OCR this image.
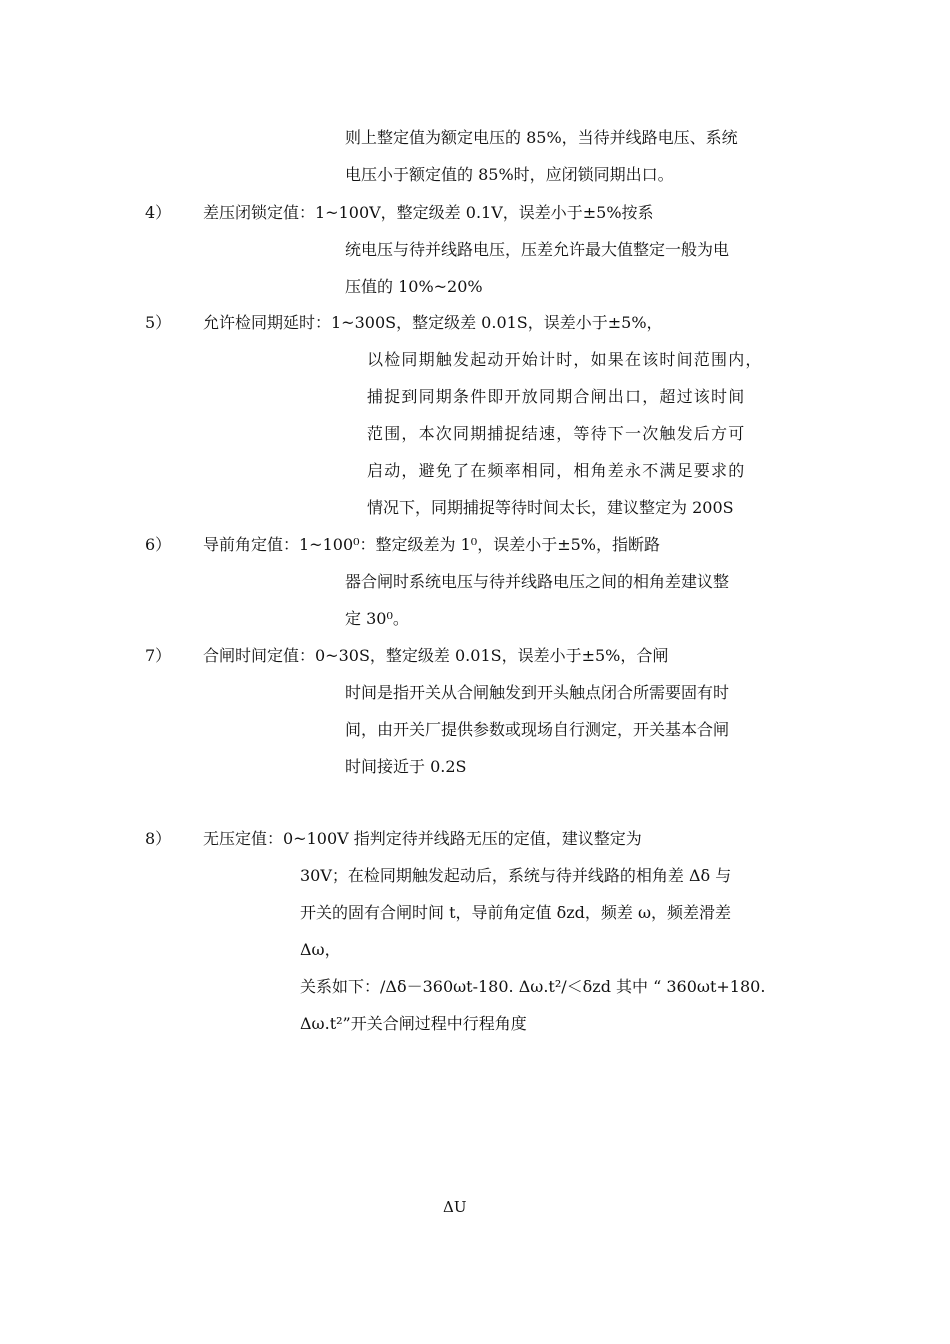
则上整定值为额定电压的 85%，当待并线路电压、系统
电压小于额定值的 85%时，应闭锁同期出口。
4） 差压闭锁定值：1~100V，整定级差 0.1V，误差小于±5%按系
统电压与待并线路电压，压差允许最大值整定一般为电
压值的 10%~20%
5） 允许检同期延时：1~300S，整定级差 0.01S，误差小于±5%，
以检同期触发起动开始计时，如果在该时间范围内，
捕捉到同期条件即开放同期合闸出口，超过该时间
范围，本次同期捕捉结速，等待下一次触发后方可
启动，避免了在频率相同，相角差永不满足要求的
情况下，同期捕捉等待时间太长，建议整定为 200S
6） 导前角定值：1~100⁰：整定级差为 1⁰，误差小于±5%，指断路
器合闸时系统电压与待并线路电压之间的相角差建议整
定 30⁰。
7） 合闸时间定值：0~30S，整定级差 0.01S，误差小于±5%，合闸
时间是指开关从合闸触发到开头触点闭合所需要固有时
间，由开关厂提供参数或现场自行测定，开关基本合闸
时间接近于 0.2S
8） 无压定值：0~100V 指判定待并线路无压的定值，建议整定为
30V；在检同期触发起动后，系统与待并线路的相角差 Δδ 与
开关的固有合闸时间 t，导前角定值 δzd，频差 ω，频差滑差
Δω，
关系如下：/Δδ－360ωt-180. Δω.t²/＜δzd 其中 “ 360ωt+180.
Δω.t²”开关合闸过程中行程角度
ΔU
